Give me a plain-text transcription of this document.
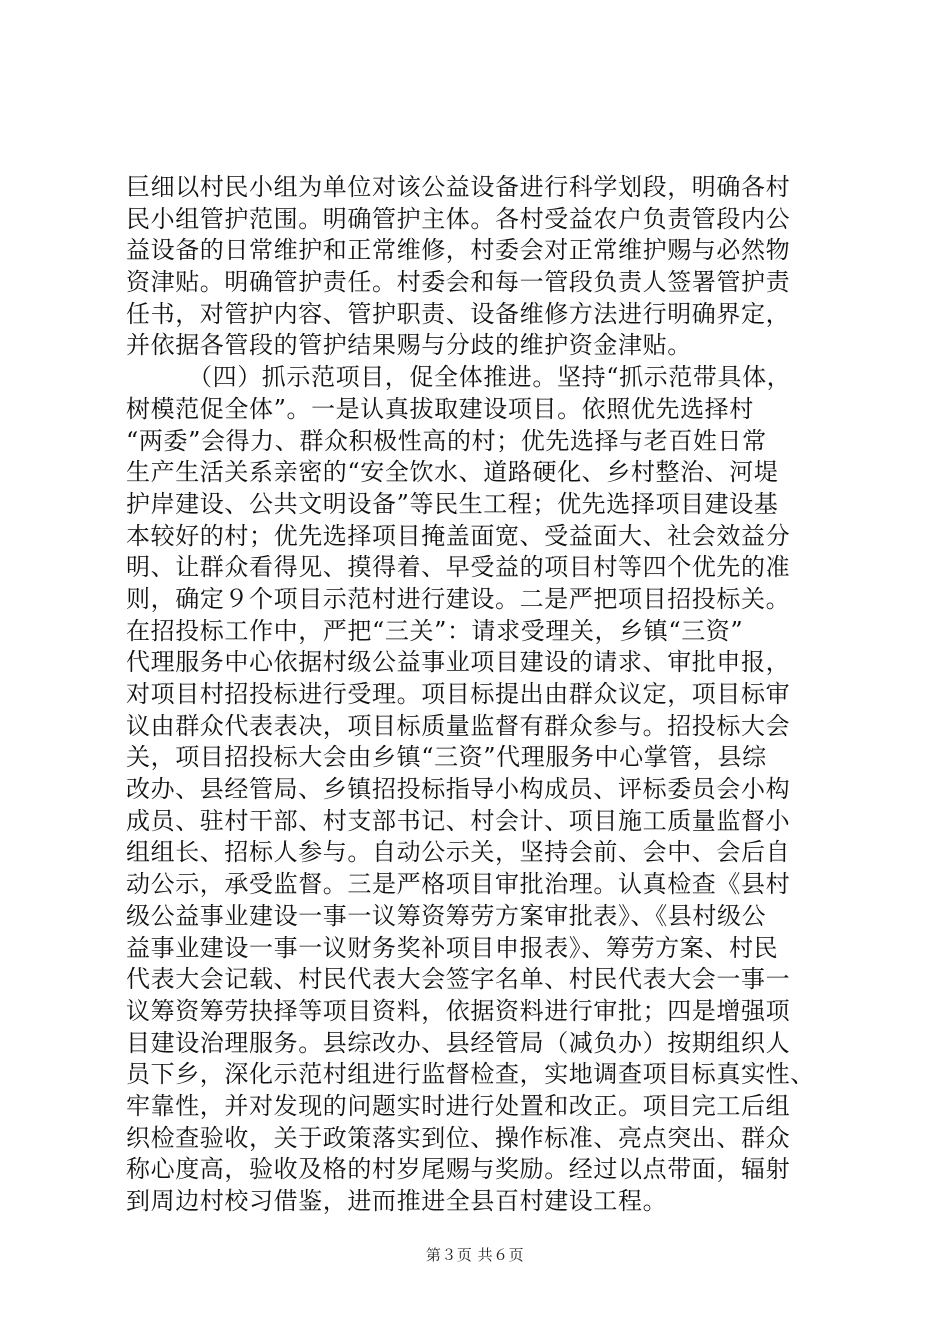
巨细以村民小组为单位对该公益设备进行科学划段，明确各村
民小组管护范围。明确管护主体。各村受益农户负责管段内公
益设备的日常维护和正常维修，村委会对正常维护赐与必然物
资津贴。明确管护责任。村委会和每一管段负责人签署管护责
任书，对管护内容、管护职责、设备维修方法进行明确界定，
并依据各管段的管护结果赐与分歧的维护资金津贴。
（四）抓示范项目，促全体推进。坚持“抓示范带具体，
树模范促全体”。一是认真拔取建设项目。依照优先选择村
“两委”会得力、群众积极性高的村；优先选择与老百姓日常
生产生活关系亲密的“安全饮水、道路硬化、乡村整治、河堤
护岸建设、公共文明设备”等民生工程；优先选择项目建设基
本较好的村；优先选择项目掩盖面宽、受益面大、社会效益分
明、让群众看得见、摸得着、早受益的项目村等四个优先的准
则，确定９个项目示范村进行建设。二是严把项目招投标关。
在招投标工作中，严把“三关”：请求受理关，乡镇“三资”
代理服务中心依据村级公益事业项目建设的请求、审批申报，
对项目村招投标进行受理。项目标提出由群众议定，项目标审
议由群众代表表决，项目标质量监督有群众参与。招投标大会
关，项目招投标大会由乡镇“三资”代理服务中心掌管，县综
改办、县经管局、乡镇招投标指导小构成员、评标委员会小构
成员、驻村干部、村支部书记、村会计、项目施工质量监督小
组组长、招标人参与。自动公示关，坚持会前、会中、会后自
动公示，承受监督。三是严格项目审批治理。认真检查《县村
级公益事业建设一事一议筹资筹劳方案审批表》、《县村级公
益事业建设一事一议财务奖补项目申报表》、筹劳方案、村民
代表大会记载、村民代表大会签字名单、村民代表大会一事一
议筹资筹劳抉择等项目资料，依据资料进行审批；四是增强项
目建设治理服务。县综改办、县经管局（减负办）按期组织人
员下乡，深化示范村组进行监督检查，实地调查项目标真实性、
牢靠性，并对发现的问题实时进行处置和改正。项目完工后组
织检查验收，关于政策落实到位、操作标准、亮点突出、群众
称心度高，验收及格的村岁尾赐与奖励。经过以点带面，辐射
到周边村校习借鉴，进而推进全县百村建设工程。
第３页 共６页
